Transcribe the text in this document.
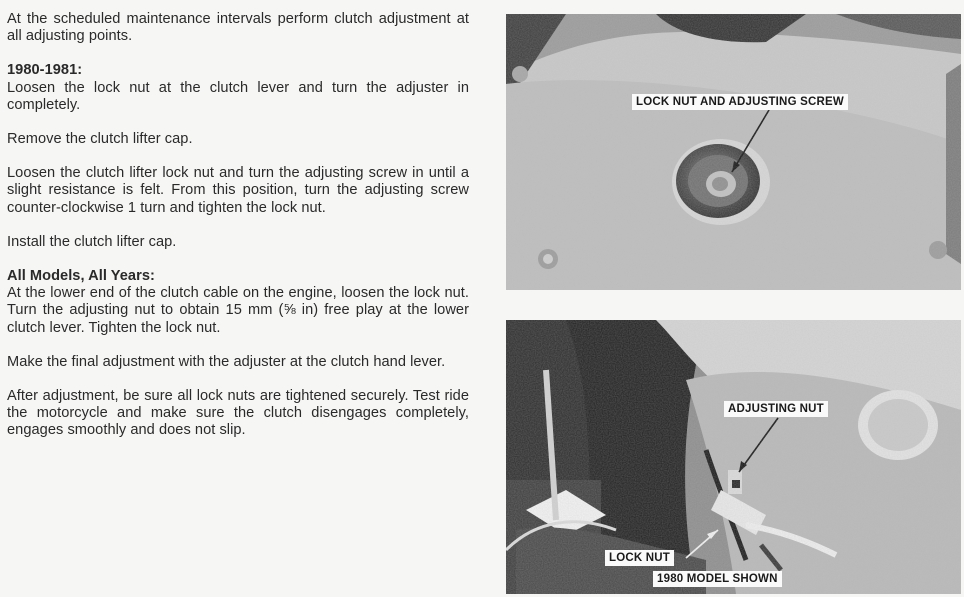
At the scheduled maintenance intervals perform clutch adjustment at all adjusting points.

1980-1981:

Loosen the lock nut at the clutch lever and turn the adjuster in completely.

Remove the clutch lifter cap.

Loosen the clutch lifter lock nut and turn the adjusting screw in until a slight resistance is felt. From this position, turn the adjusting screw counter-clockwise 1 turn and tighten the lock nut.

Install the clutch lifter cap.

All Models, All Years:

At the lower end of the clutch cable on the engine, loosen the lock nut. Turn the adjusting nut to obtain 15 mm (⅝ in) free play at the lower clutch lever. Tighten the lock nut.

Make the final adjustment with the adjuster at the clutch hand lever.

After adjustment, be sure all lock nuts are tightened securely. Test ride the motorcycle and make sure the clutch disengages completely, engages smoothly and does not slip.

LOCK NUT AND ADJUSTING SCREW
ADJUSTING NUT
LOCK NUT
1980 MODEL SHOWN
